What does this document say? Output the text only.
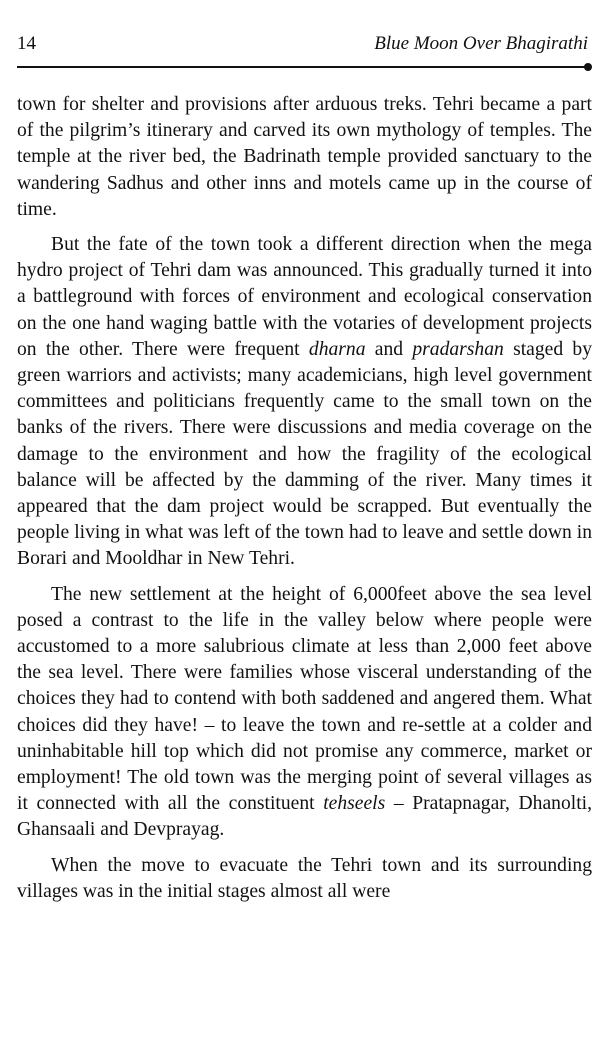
14	Blue Moon Over Bhagirathi

town for shelter and provisions after arduous treks. Tehri became a part of the pilgrim’s itinerary and carved its own mythology of temples. The temple at the river bed, the Badrinath temple provided sanctuary to the wandering Sadhus and other inns and motels came up in the course of time.

But the fate of the town took a different direction when the mega hydro project of Tehri dam was announced. This gradually turned it into a battleground with forces of environment and ecological conservation on the one hand waging battle with the votaries of development projects on the other. There were frequent dharna and pradarshan staged by green warriors and activists; many academicians, high level government committees and politicians frequently came to the small town on the banks of the rivers. There were discussions and media coverage on the damage to the environment and how the fragility of the ecological balance will be affected by the damming of the river. Many times it appeared that the dam project would be scrapped. But eventually the people living in what was left of the town had to leave and settle down in Borari and Mooldhar in New Tehri.

The new settlement at the height of 6,000feet above the sea level posed a contrast to the life in the valley below where people were accustomed to a more salubrious climate at less than 2,000 feet above the sea level. There were families whose visceral understanding of the choices they had to contend with both saddened and angered them. What choices did they have! – to leave the town and re-settle at a colder and uninhabitable hill top which did not promise any commerce, market or employment! The old town was the merging point of several villages as it connected with all the constituent tehseels – Pratapnagar, Dhanolti, Ghansaali and Devprayag.

When the move to evacuate the Tehri town and its surrounding villages was in the initial stages almost all were
